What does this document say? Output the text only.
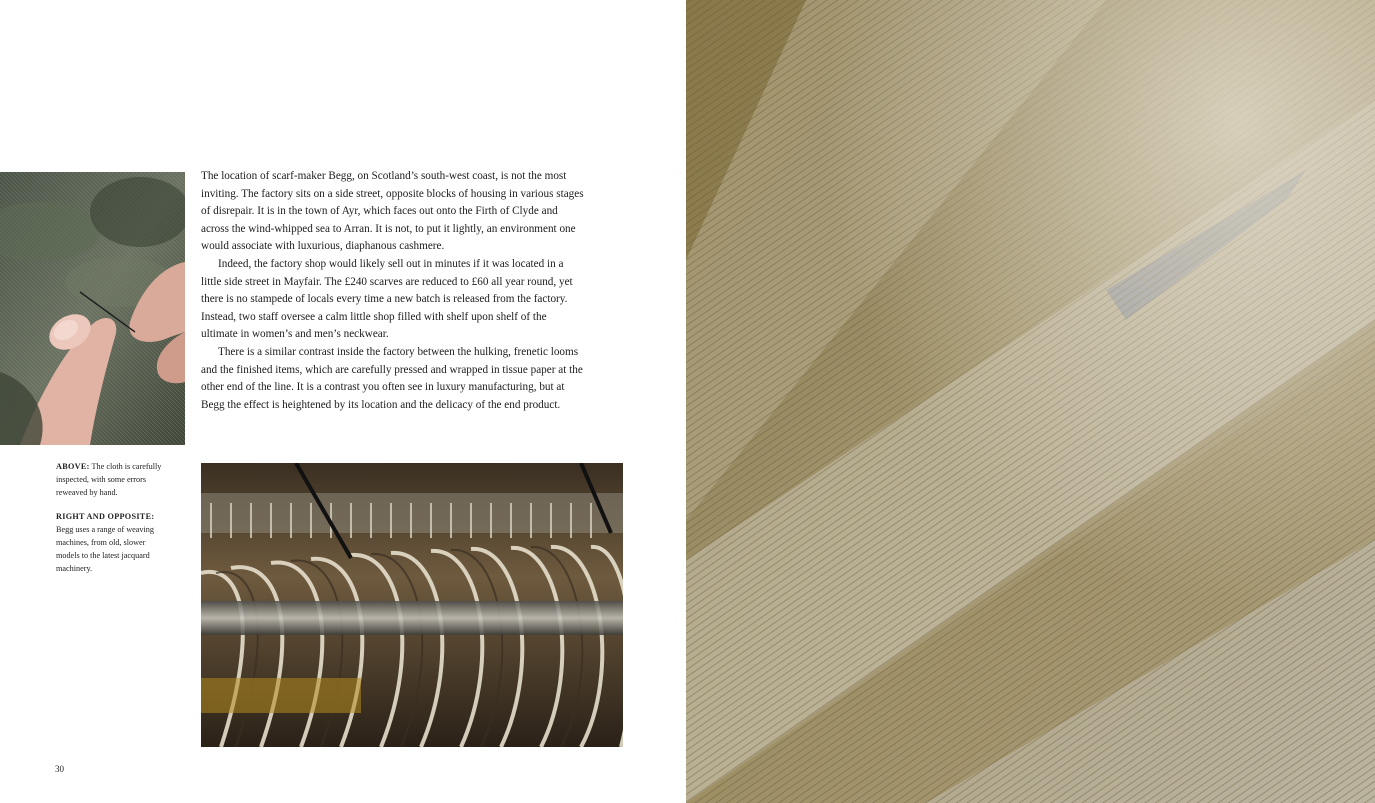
The location of scarf-maker Begg, on Scotland’s south-west coast, is not the most inviting. The factory sits on a side street, opposite blocks of housing in various stages of disrepair. It is in the town of Ayr, which faces out onto the Firth of Clyde and across the wind-whipped sea to Arran. It is not, to put it lightly, an environment one would associate with luxurious, diaphanous cashmere.

Indeed, the factory shop would likely sell out in minutes if it was located in a little side street in Mayfair. The £240 scarves are reduced to £60 all year round, yet there is no stampede of locals every time a new batch is released from the factory. Instead, two staff oversee a calm little shop filled with shelf upon shelf of the ultimate in women’s and men’s neckwear.

There is a similar contrast inside the factory between the hulking, frenetic looms and the finished items, which are carefully pressed and wrapped in tissue paper at the other end of the line. It is a contrast you often see in luxury manufacturing, but at Begg the effect is heightened by its location and the delicacy of the end product.

ABOVE: The cloth is carefully inspected, with some errors reweaved by hand.

RIGHT AND OPPOSITE: Begg uses a range of weaving machines, from old, slower models to the latest jacquard machinery.

30
